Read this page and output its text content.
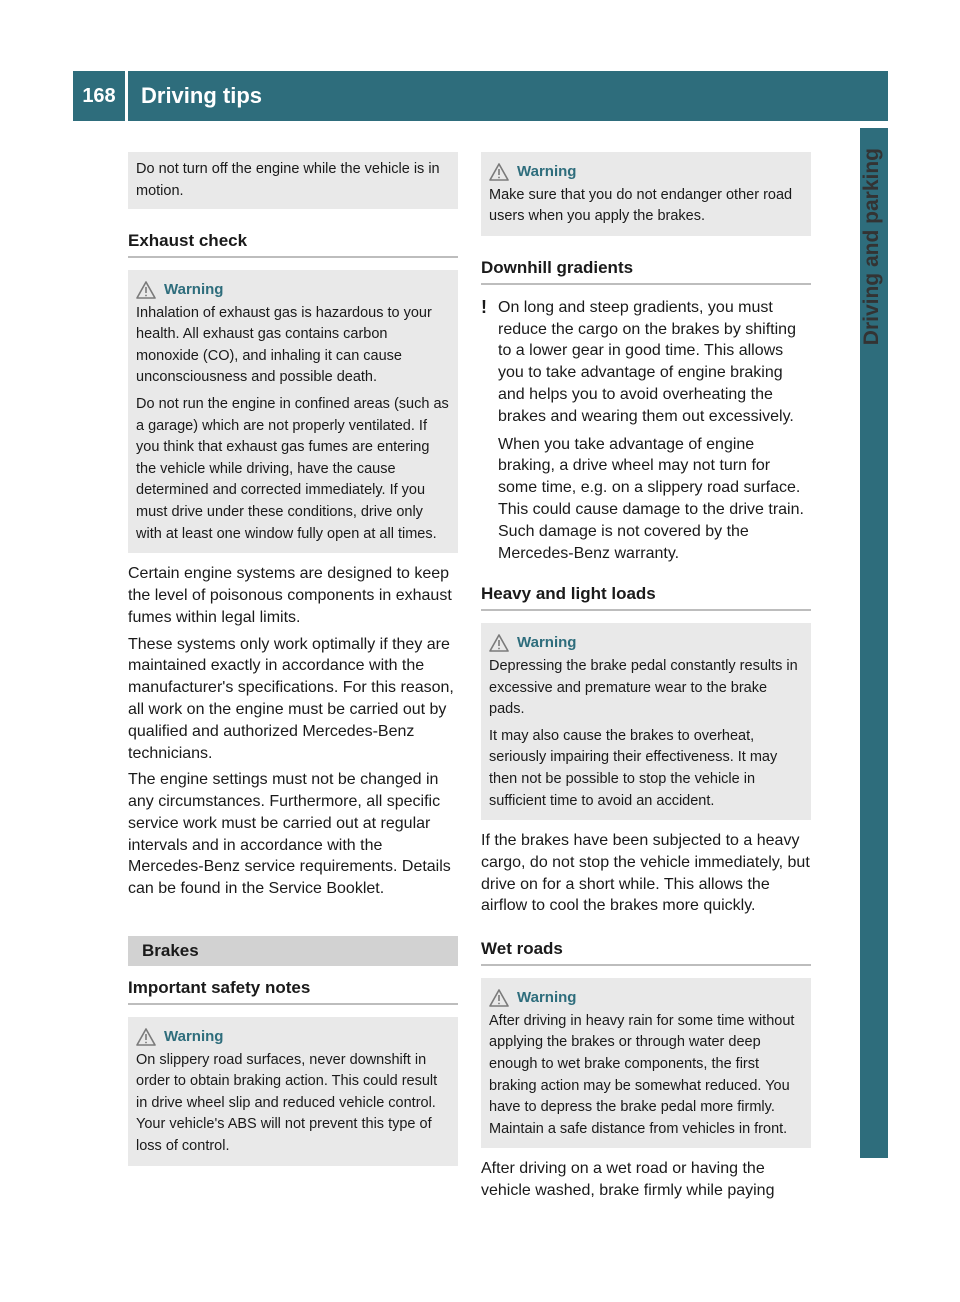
168	Driving tips
Driving and parking

Do not turn off the engine while the vehicle is in motion.

Exhaust check
Warning

Inhalation of exhaust gas is hazardous to your health. All exhaust gas contains carbon monoxide (CO), and inhaling it can cause unconsciousness and possible death.

Do not run the engine in confined areas (such as a garage) which are not properly ventilated. If you think that exhaust gas fumes are entering the vehicle while driving, have the cause determined and corrected immediately. If you must drive under these conditions, drive only with at least one window fully open at all times.

Certain engine systems are designed to keep the level of poisonous components in exhaust fumes within legal limits.

These systems only work optimally if they are maintained exactly in accordance with the manufacturer's specifications. For this reason, all work on the engine must be carried out by qualified and authorized Mercedes-Benz technicians.

The engine settings must not be changed in any circumstances. Furthermore, all specific service work must be carried out at regular intervals and in accordance with the Mercedes-Benz service requirements. Details can be found in the Service Booklet.

Brakes
Important safety notes
Warning

On slippery road surfaces, never downshift in order to obtain braking action. This could result in drive wheel slip and reduced vehicle control. Your vehicle's ABS will not prevent this type of loss of control.

Warning

Make sure that you do not endanger other road users when you apply the brakes.

Downhill gradients
! On long and steep gradients, you must reduce the cargo on the brakes by shifting to a lower gear in good time. This allows you to take advantage of engine braking and helps you to avoid overheating the brakes and wearing them out excessively.

When you take advantage of engine braking, a drive wheel may not turn for some time, e.g. on a slippery road surface. This could cause damage to the drive train. Such damage is not covered by the Mercedes-Benz warranty.

Heavy and light loads
Warning

Depressing the brake pedal constantly results in excessive and premature wear to the brake pads.

It may also cause the brakes to overheat, seriously impairing their effectiveness. It may then not be possible to stop the vehicle in sufficient time to avoid an accident.

If the brakes have been subjected to a heavy cargo, do not stop the vehicle immediately, but drive on for a short while. This allows the airflow to cool the brakes more quickly.

Wet roads
Warning

After driving in heavy rain for some time without applying the brakes or through water deep enough to wet brake components, the first braking action may be somewhat reduced. You have to depress the brake pedal more firmly. Maintain a safe distance from vehicles in front.

After driving on a wet road or having the vehicle washed, brake firmly while paying
